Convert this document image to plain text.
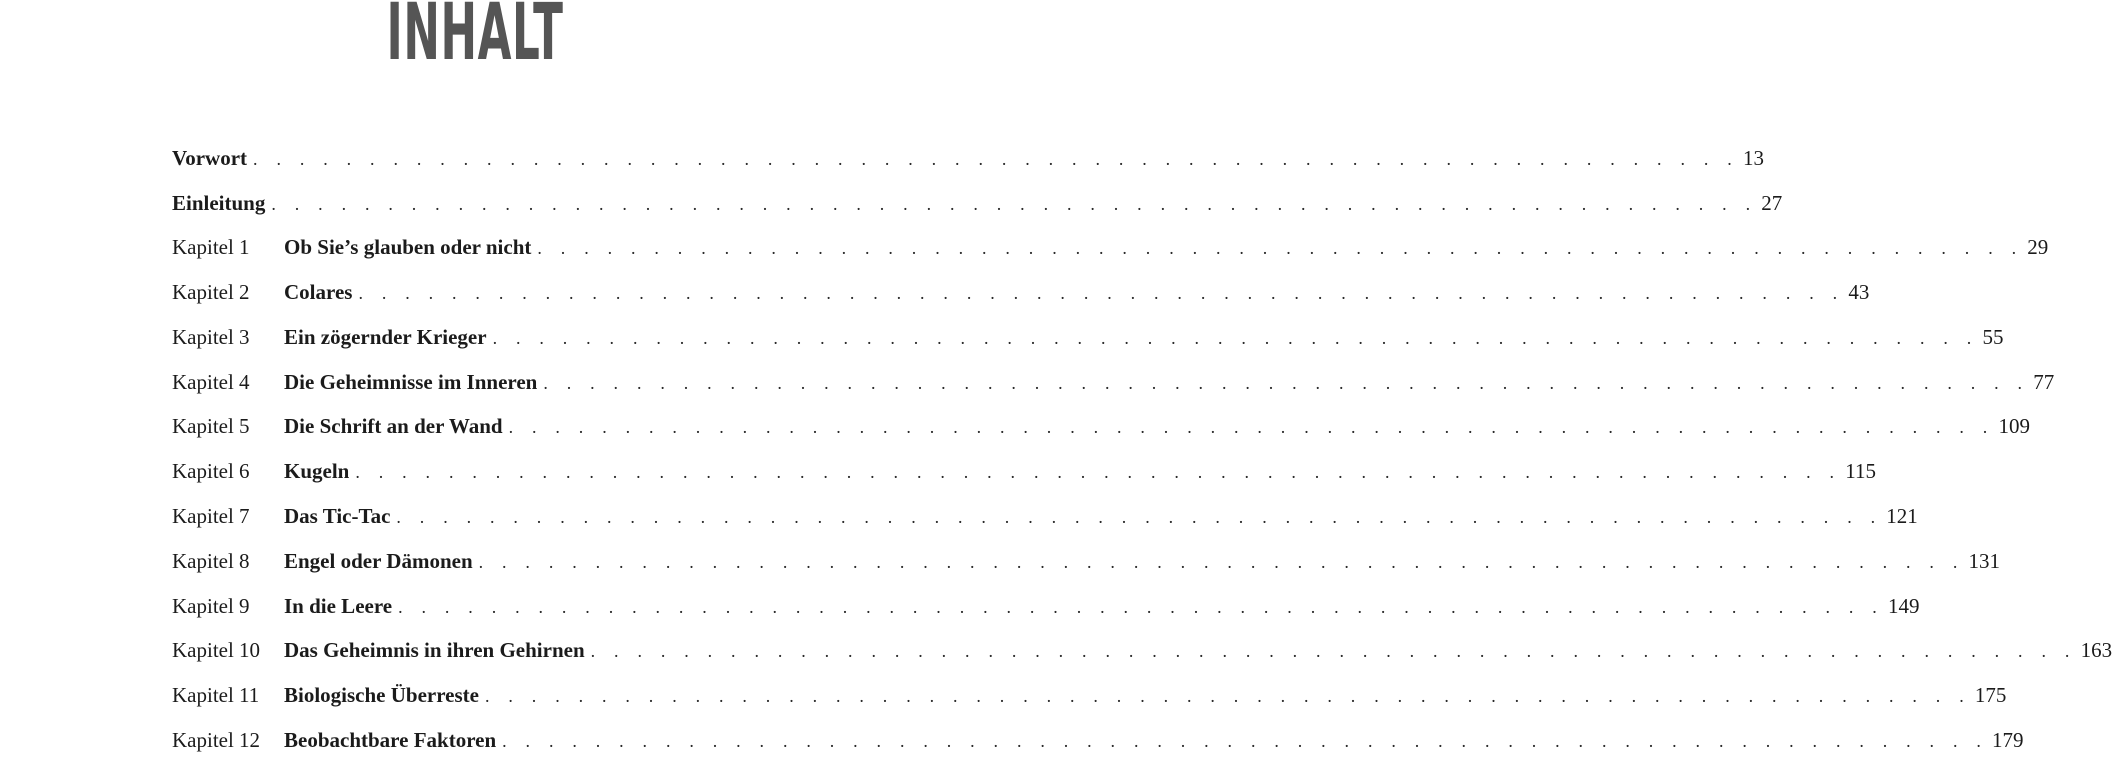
INHALT
Vorwort . . . . . . . . . . . . . . . . . . . . . . . . . . . . . . . . . . . . . . . . . . . . . . . . . . . . . . . . . . . . . . . . 13
Einleitung . . . . . . . . . . . . . . . . . . . . . . . . . . . . . . . . . . . . . . . . . . . . . . . . . . . . . . . . . . . . . . . . 27
Kapitel 1	Ob Sie’s glauben oder nicht . . . . . . . . . . . . . . . . . . . . . . . . . . . . . . . . . . . . . . . . . . . . . . . . . . . . . . . . . . . . . . . . 29
Kapitel 2	Colares . . . . . . . . . . . . . . . . . . . . . . . . . . . . . . . . . . . . . . . . . . . . . . . . . . . . . . . . . . . . . . . . 43
Kapitel 3	Ein zögernder Krieger . . . . . . . . . . . . . . . . . . . . . . . . . . . . . . . . . . . . . . . . . . . . . . . . . . . . . . . . . . . . . . . . 55
Kapitel 4	Die Geheimnisse im Inneren . . . . . . . . . . . . . . . . . . . . . . . . . . . . . . . . . . . . . . . . . . . . . . . . . . . . . . . . . . . . . . . . 77
Kapitel 5	Die Schrift an der Wand . . . . . . . . . . . . . . . . . . . . . . . . . . . . . . . . . . . . . . . . . . . . . . . . . . . . . . . . . . . . . . . . 109
Kapitel 6	Kugeln . . . . . . . . . . . . . . . . . . . . . . . . . . . . . . . . . . . . . . . . . . . . . . . . . . . . . . . . . . . . . . . . 115
Kapitel 7	Das Tic-Tac . . . . . . . . . . . . . . . . . . . . . . . . . . . . . . . . . . . . . . . . . . . . . . . . . . . . . . . . . . . . . . . . 121
Kapitel 8	Engel oder Dämonen . . . . . . . . . . . . . . . . . . . . . . . . . . . . . . . . . . . . . . . . . . . . . . . . . . . . . . . . . . . . . . . . 131
Kapitel 9	In die Leere . . . . . . . . . . . . . . . . . . . . . . . . . . . . . . . . . . . . . . . . . . . . . . . . . . . . . . . . . . . . . . . . 149
Kapitel 10	Das Geheimnis in ihren Gehirnen . . . . . . . . . . . . . . . . . . . . . . . . . . . . . . . . . . . . . . . . . . . . . . . . . . . . . . . . . . . . . . . . 163
Kapitel 11	Biologische Überreste . . . . . . . . . . . . . . . . . . . . . . . . . . . . . . . . . . . . . . . . . . . . . . . . . . . . . . . . . . . . . . . . 175
Kapitel 12	Beobachtbare Faktoren . . . . . . . . . . . . . . . . . . . . . . . . . . . . . . . . . . . . . . . . . . . . . . . . . . . . . . . . . . . . . . . . 179
